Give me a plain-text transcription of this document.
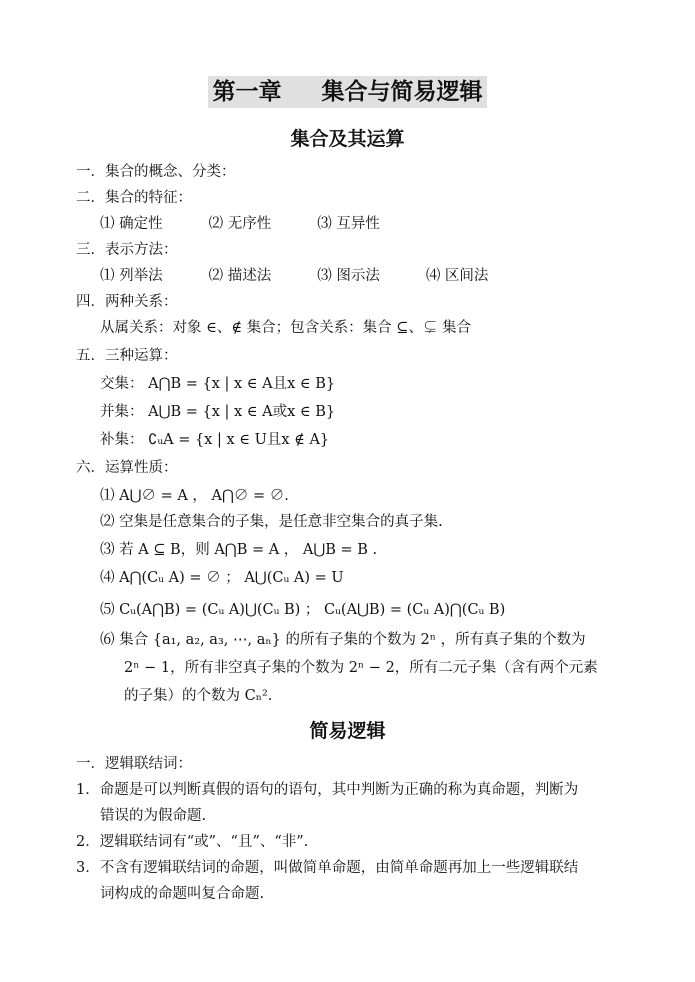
第一章     集合与简易逻辑
集合及其运算
一．集合的概念、分类：
二．集合的特征：
⑴ 确定性	⑵ 无序性	⑶ 互异性
三．表示方法：
⑴ 列举法	⑵ 描述法	⑶ 图示法	⑷ 区间法
四．两种关系：
从属关系：对象 ∈、∉ 集合；包含关系：集合 ⊆、⊊ 集合
五．三种运算：
交集： A⋂B = {x | x ∈ A且x ∈ B}
并集： A⋃B = {x | x ∈ A或x ∈ B}
补集： ∁ᵤA = {x | x ∈ U且x ∉ A}
六．运算性质：
⑴ A⋃∅ = A ， A⋂∅ = ∅.
⑵ 空集是任意集合的子集，是任意非空集合的真子集.
⑶ 若 A ⊆ B，则 A⋂B = A ， A⋃B = B .
⑷ A⋂(Cᵤ A) = ∅ ； A⋃(Cᵤ A) = U
⑸ Cᵤ(A⋂B) = (Cᵤ A)⋃(Cᵤ B) ； Cᵤ(A⋃B) = (Cᵤ A)⋂(Cᵤ B)
⑹ 集合 {a₁, a₂, a₃, ⋯, aₙ} 的所有子集的个数为 2ⁿ ，所有真子集的个数为
2ⁿ − 1，所有非空真子集的个数为 2ⁿ − 2，所有二元子集（含有两个元素
的子集）的个数为 Cₙ².
简易逻辑
一．逻辑联结词：
1．命题是可以判断真假的语句的语句，其中判断为正确的称为真命题，判断为
错误的为假命题.
2．逻辑联结词有“或”、“且”、“非”.
3．不含有逻辑联结词的命题，叫做简单命题，由简单命题再加上一些逻辑联结
词构成的命题叫复合命题.
